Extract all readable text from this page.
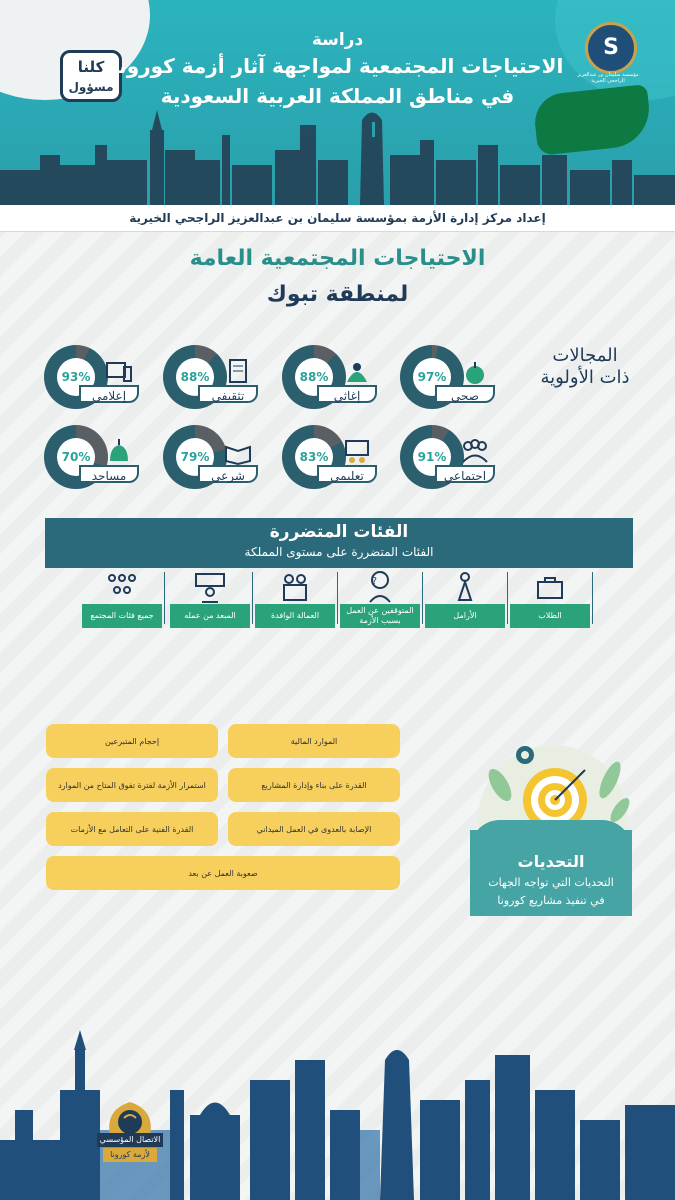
كلنا
مسؤول
S
مؤسسة سليمان بن عبدالعزيز الراجحي الخيرية
دراسة
الاحتياجات المجتمعية لمواجهة آثار أزمة كورونا
في مناطق المملكة العربية السعودية
إعداد مركز إدارة الأزمة بمؤسسة سليمان بن عبدالعزيز الراجحي الخيرية
الاحتياجات المجتمعية العامة
لمنطقة تبوك
المجالات
ذات الأولوية
97%
صحي
88%
إغاثي
88%
تثقيفي
93%
إعلامي
91%
اجتماعي
83%
تعليمي
79%
شرعي
70%
مساجد
الفئات المتضررة
الفئات المتضررة على مستوى المملكة
الطلاب
الأرامل
?
المتوقفين عن العمل بسبب الأزمة
العمالة الوافدة
المبعد من عمله
جميع فئات المجتمع
التحديات
التحديات التي تواجه الجهات
في تنفيذ مشاريع كورونا
الموارد المالية
إحجام المتبرعين
القدرة على بناء وإدارة المشاريع
استمرار الأزمة لفترة تفوق المتاح من الموارد
الإصابة بالعدوى في العمل الميداني
القدرة الفنية على التعامل مع الأزمات
صعوبة العمل عن بعد
الاتصال المؤسسي
لأزمة كورونا
